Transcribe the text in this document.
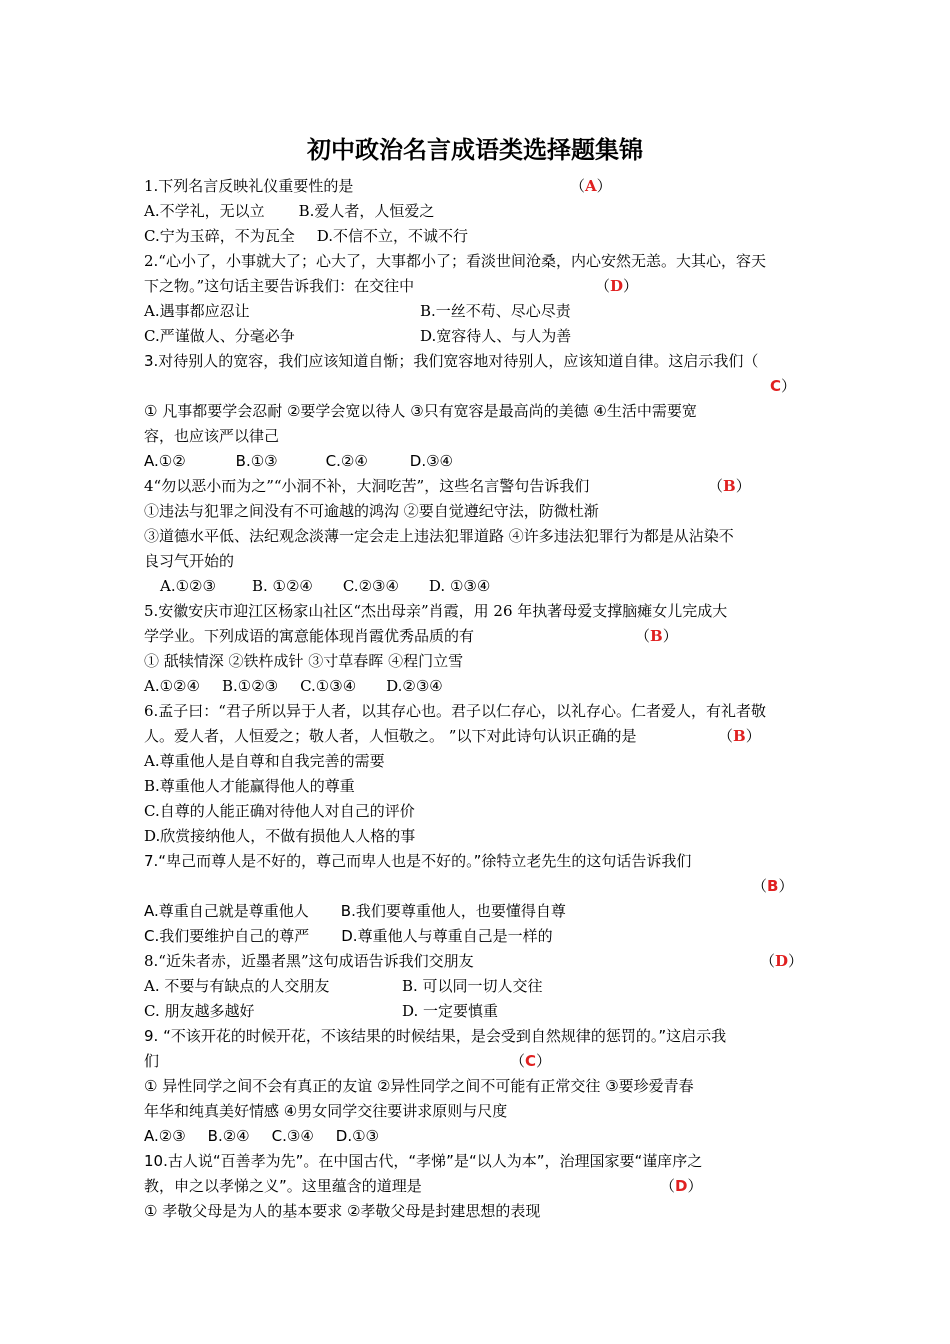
初中政治名言成语类选择题集锦
1.下列名言反映礼仪重要性的是	（A）
A.不学礼，无以立 B.爱人者，人恒爱之
C.宁为玉碎，不为瓦全 D.不信不立，不诚不行
2.“心小了，小事就大了；心大了，大事都小了；看淡世间沧桑，内心安然无恙。大其心，容天
下之物。”这句话主要告诉我们：在交往中	（D）
A.遇事都应忍让	B.一丝不苟、尽心尽责
C.严谨做人、分毫必争	D.宽容待人、与人为善
3.对待别人的宽容，我们应该知道自惭；我们宽容地对待别人，应该知道自律。这启示我们（
C）
① 凡事都要学会忍耐 ②要学会宽以待人 ③只有宽容是最高尚的美德 ④生活中需要宽
容，也应该严以律己
A.①②	B.①③	C.②④	D.③④
4“勿以恶小而为之”“小洞不补，大洞吃苦”，这些名言警句告诉我们	（B）
①违法与犯罪之间没有不可逾越的鸿沟 ②要自觉遵纪守法，防微杜渐
③道德水平低、法纪观念淡薄一定会走上违法犯罪道路 ④许多违法犯罪行为都是从沾染不
良习气开始的
A.①②③ B. ①②④ C.②③④ D. ①③④
5.安徽安庆市迎江区杨家山社区“杰出母亲”肖霞，用 26 年执著母爱支撑脑瘫女儿完成大
学学业。下列成语的寓意能体现肖霞优秀品质的有	（B）
① 舐犊情深 ②铁杵成针 ③寸草春晖 ④程门立雪
A.①②④ B.①②③ C.①③④ D.②③④
6.孟子曰：“君子所以异于人者，以其存心也。君子以仁存心，以礼存心。仁者爱人，有礼者敬
人。爱人者，人恒爱之；敬人者，人恒敬之。 ”以下对此诗句认识正确的是	（B）
A.尊重他人是自尊和自我完善的需要
B.尊重他人才能赢得他人的尊重
C.自尊的人能正确对待他人对自己的评价
D.欣赏接纳他人，不做有损他人人格的事
7.“卑己而尊人是不好的，尊己而卑人也是不好的。”徐特立老先生的这句话告诉我们
（B）
A.尊重自己就是尊重他人 B.我们要尊重他人，也要懂得自尊
C.我们要维护自己的尊严 D.尊重他人与尊重自己是一样的
8.“近朱者赤，近墨者黑”这句成语告诉我们交朋友	（D）
A. 不要与有缺点的人交朋友	B. 可以同一切人交往
C. 朋友越多越好	D. 一定要慎重
9. “不该开花的时候开花，不该结果的时候结果，是会受到自然规律的惩罚的。”这启示我
们	（C）
① 异性同学之间不会有真正的友谊 ②异性同学之间不可能有正常交往 ③要珍爱青春
年华和纯真美好情感 ④男女同学交往要讲求原则与尺度
A.②③ B.②④ C.③④ D.①③
10.古人说“百善孝为先”。在中国古代，“孝悌”是“以人为本”，治理国家要“谨庠序之
教，申之以孝悌之义”。这里蕴含的道理是	（D）
① 孝敬父母是为人的基本要求 ②孝敬父母是封建思想的表现
